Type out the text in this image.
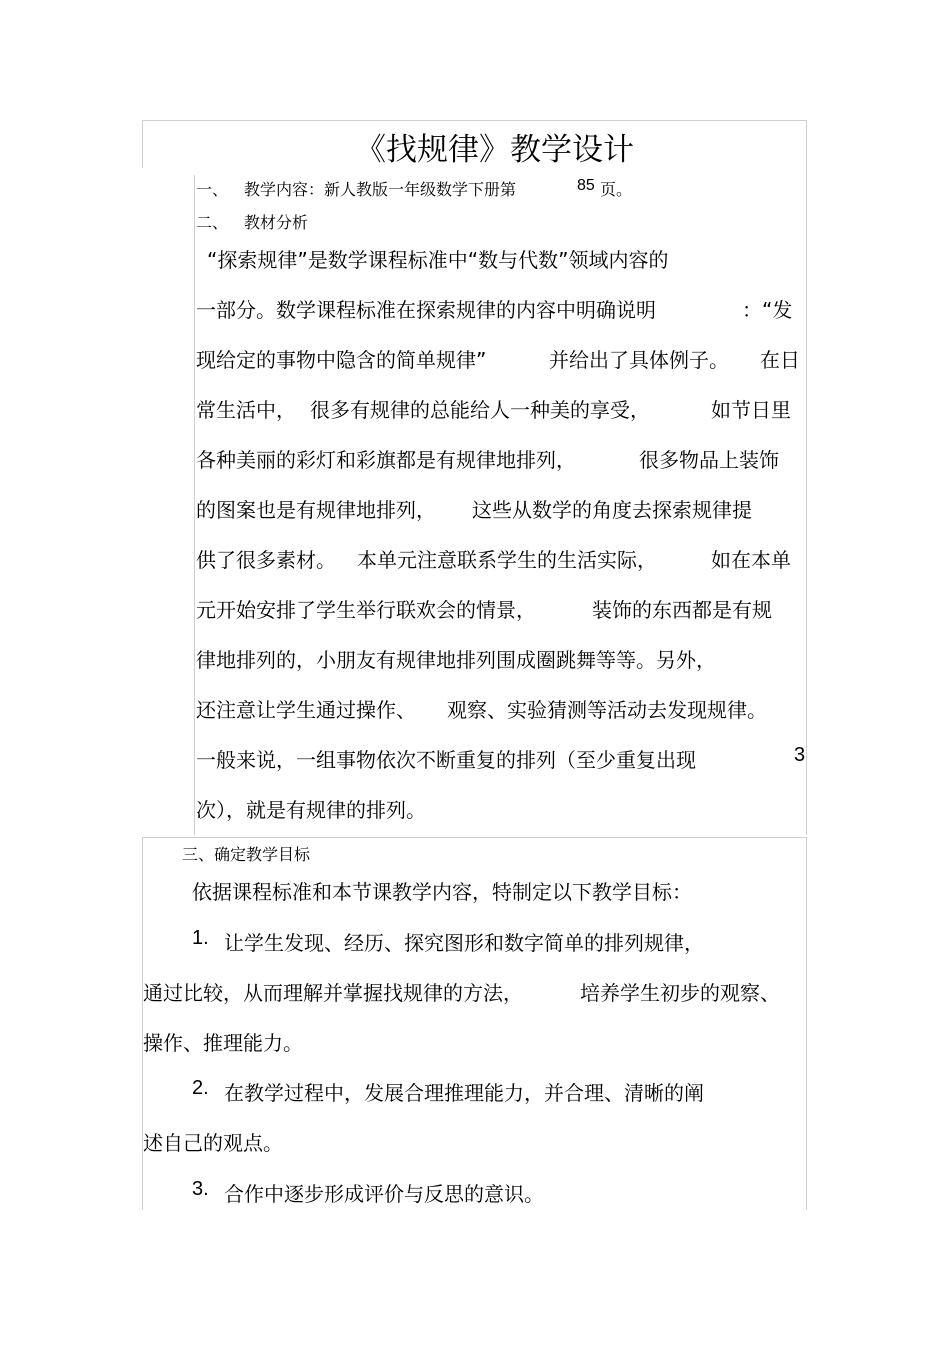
《找规律》教学设计
一、 教学内容：新人教版一年级数学下册第	85 页。
二、 教材分析
“探索规律”是数学课程标准中“数与代数”领域内容的
一部分。数学课程标准在探索规律的内容中明确说明	：“发
现给定的事物中隐含的简单规律”	并给出了具体例子。 在日
常生活中， 很多有规律的总能给人一种美的享受，	如节日里
各种美丽的彩灯和彩旗都是有规律地排列，	很多物品上装饰
的图案也是有规律地排列， 这些从数学的角度去探索规律提
供了很多素材。 本单元注意联系学生的生活实际，	如在本单
元开始安排了学生举行联欢会的情景，	装饰的东西都是有规
律地排列的，小朋友有规律地排列围成圈跳舞等等。另外，
还注意让学生通过操作、 观察、实验猜测等活动去发现规律。
一般来说，一组事物依次不断重复的排列（至少重复出现	3
次），就是有规律的排列。
三、确定教学目标
依据课程标准和本节课教学内容，特制定以下教学目标：
1. 让学生发现、经历、探究图形和数字简单的排列规律，
通过比较，从而理解并掌握找规律的方法，	培养学生初步的观察、
操作、推理能力。
2. 在教学过程中，发展合理推理能力，并合理、清晰的阐
述自己的观点。
3. 合作中逐步形成评价与反思的意识。
